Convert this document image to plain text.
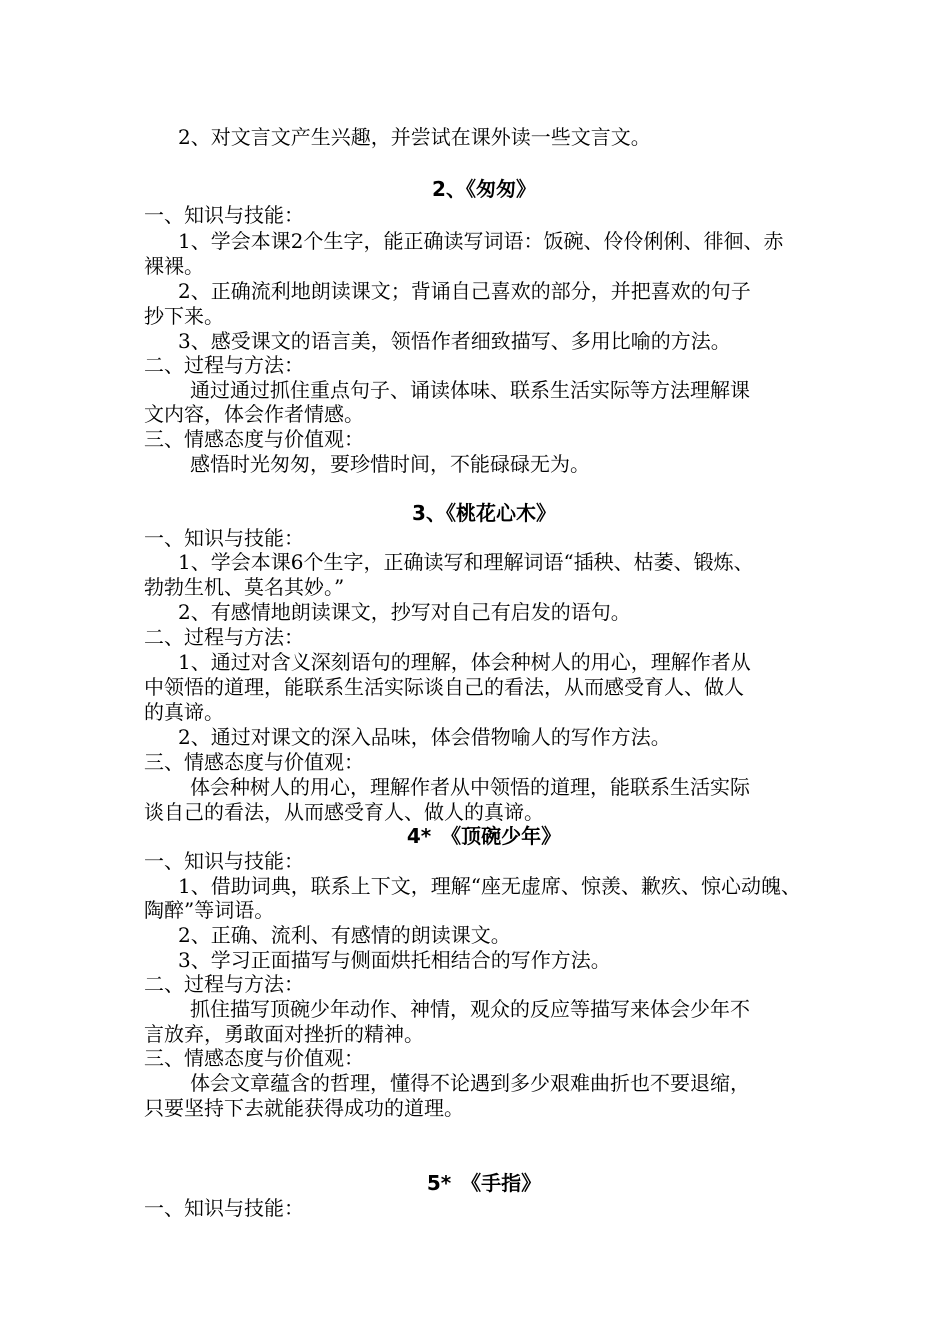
2、对文言文产生兴趣，并尝试在课外读一些文言文。
2、《匆匆》
一、知识与技能：
1、学会本课2个生字，能正确读写词语：饭碗、伶伶俐俐、徘徊、赤
裸裸。
2、正确流利地朗读课文；背诵自己喜欢的部分，并把喜欢的句子
抄下来。
3、感受课文的语言美，领悟作者细致描写、多用比喻的方法。
二、过程与方法：
通过通过抓住重点句子、诵读体味、联系生活实际等方法理解课
文内容，体会作者情感。
三、情感态度与价值观：
感悟时光匆匆，要珍惜时间，不能碌碌无为。
3、《桃花心木》
一、知识与技能：
1、学会本课6个生字，正确读写和理解词语“插秧、枯萎、锻炼、
勃勃生机、莫名其妙。”
2、有感情地朗读课文，抄写对自己有启发的语句。
二、过程与方法：
1、通过对含义深刻语句的理解，体会种树人的用心，理解作者从
中领悟的道理，能联系生活实际谈自己的看法，从而感受育人、做人
的真谛。
2、通过对课文的深入品味，体会借物喻人的写作方法。
三、情感态度与价值观：
体会种树人的用心，理解作者从中领悟的道理，能联系生活实际
谈自己的看法，从而感受育人、做人的真谛。
4*　《顶碗少年》
一、知识与技能：
1、借助词典，联系上下文，理解“座无虚席、惊羡、歉疚、惊心动魄、
陶醉”等词语。
2、正确、流利、有感情的朗读课文。
3、学习正面描写与侧面烘托相结合的写作方法。
二、过程与方法：
抓住描写顶碗少年动作、神情，观众的反应等描写来体会少年不
言放弃，勇敢面对挫折的精神。
三、情感态度与价值观：
体会文章蕴含的哲理，懂得不论遇到多少艰难曲折也不要退缩，
只要坚持下去就能获得成功的道理。
5*　《手指》
一、知识与技能：
